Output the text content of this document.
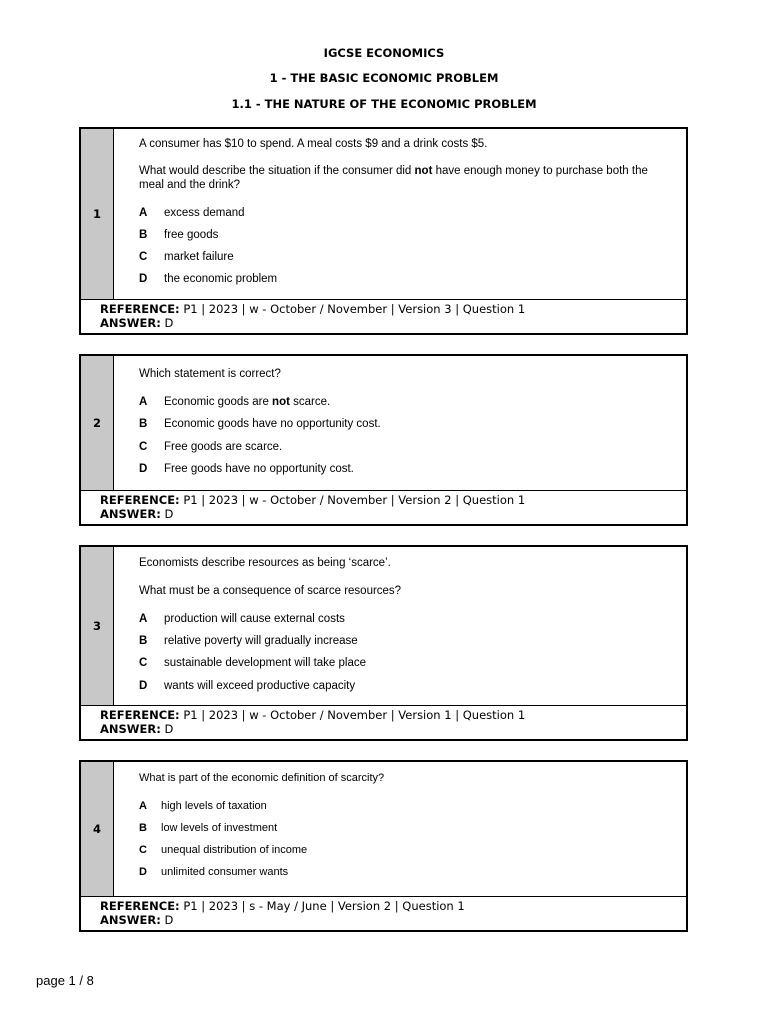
IGCSE ECONOMICS
1 - THE BASIC ECONOMIC PROBLEM
1.1 - THE NATURE OF THE ECONOMIC PROBLEM
1
A consumer has $10 to spend. A meal costs $9 and a drink costs $5.
What would describe the situation if the consumer did not have enough money to purchase both the meal and the drink?
A excess demand
B free goods
C market failure
D the economic problem
REFERENCE: P1 | 2023 | w - October / November | Version 3 | Question 1
ANSWER: D
2
Which statement is correct?
A Economic goods are not scarce.
B Economic goods have no opportunity cost.
C Free goods are scarce.
D Free goods have no opportunity cost.
REFERENCE: P1 | 2023 | w - October / November | Version 2 | Question 1
ANSWER: D
3
Economists describe resources as being ‘scarce’.
What must be a consequence of scarce resources?
A production will cause external costs
B relative poverty will gradually increase
C sustainable development will take place
D wants will exceed productive capacity
REFERENCE: P1 | 2023 | w - October / November | Version 1 | Question 1
ANSWER: D
4
What is part of the economic definition of scarcity?
A high levels of taxation
B low levels of investment
C unequal distribution of income
D unlimited consumer wants
REFERENCE: P1 | 2023 | s - May / June | Version 2 | Question 1
ANSWER: D
page 1 / 8
